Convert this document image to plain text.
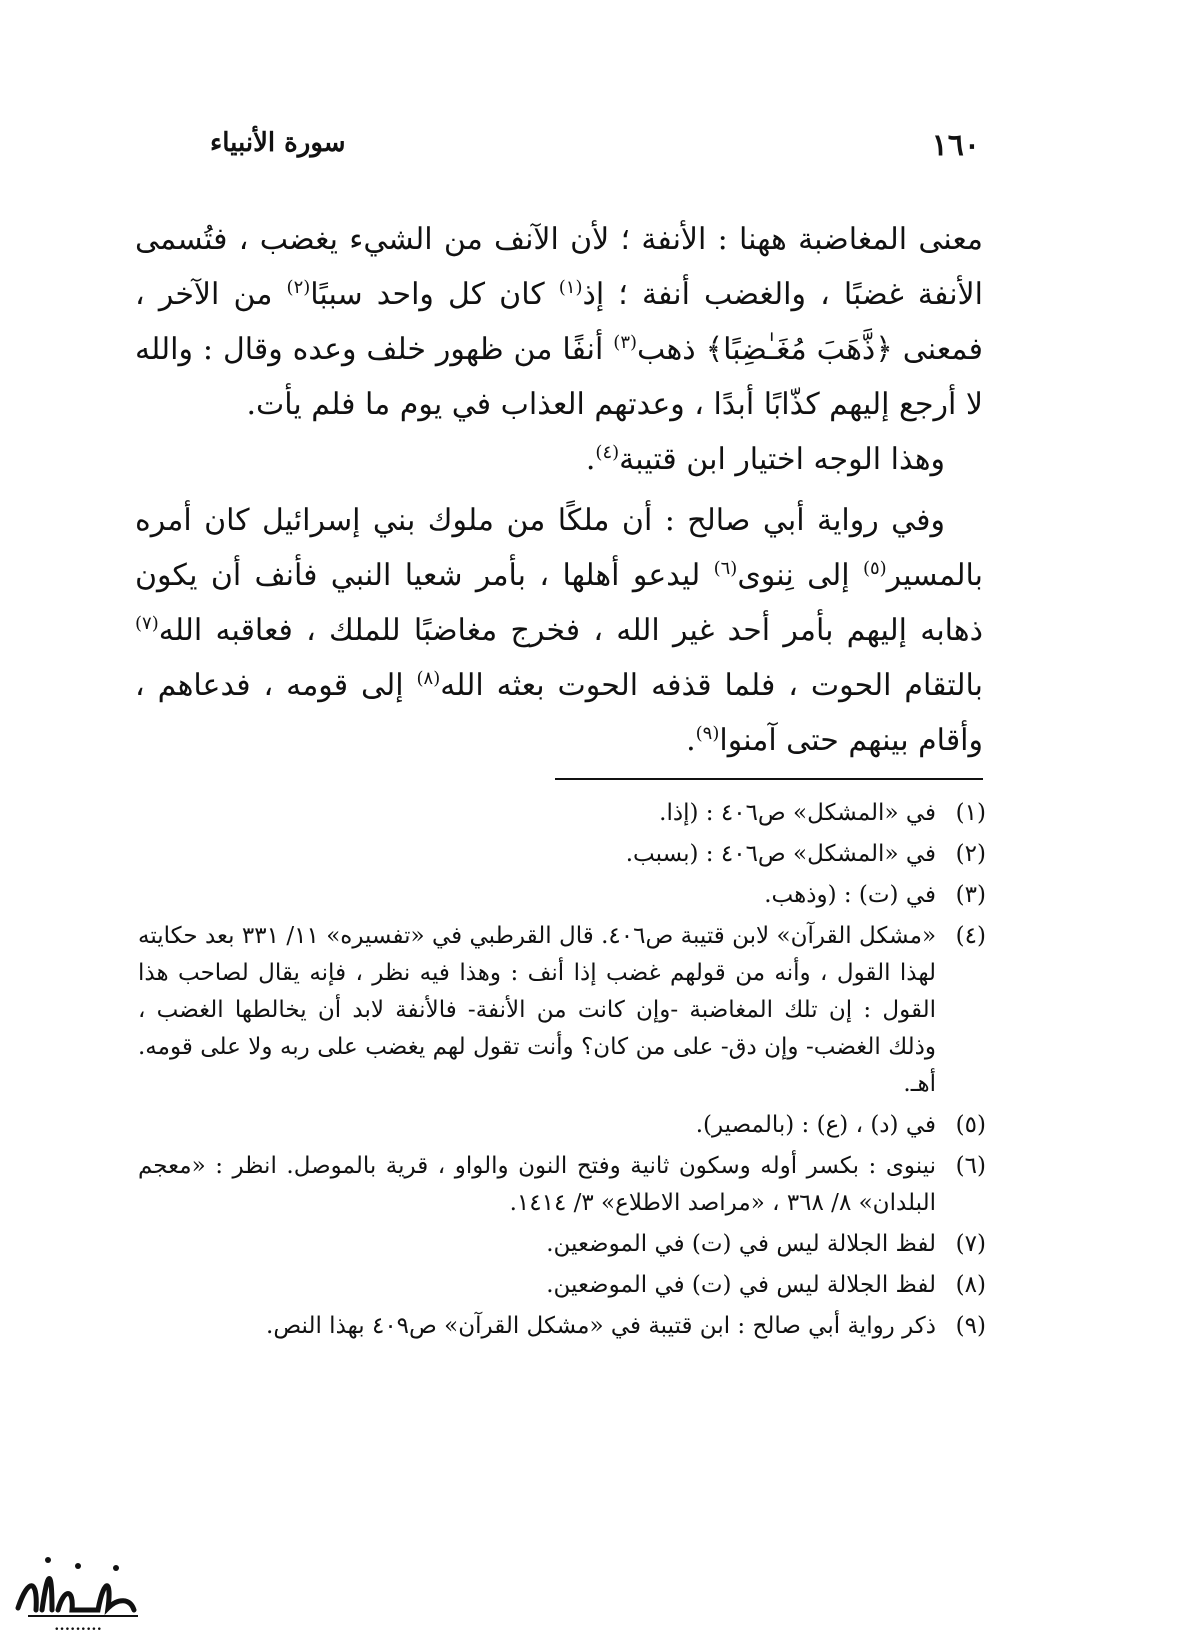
١٦٠
سورة الأنبياء

معنى المغاضبة ههنا : الأنفة ؛ لأن الآنف من الشيء يغضب ، فتُسمى الأنفة غضبًا ، والغضب أنفة ؛ إذ$^{(١)}$ كان كل واحد سببًا$^{(٢)}$ من الآخر ، فمعنى ﴿ذَّهَبَ مُغَـٰضِبًا﴾ ذهب$^{(٣)}$ أنفًا من ظهور خلف وعده وقال : والله لا أرجع إليهم كذّابًا أبدًا ، وعدتهم العذاب في يوم ما فلم يأت.

وهذا الوجه اختيار ابن قتيبة$^{(٤)}$.

وفي رواية أبي صالح : أن ملكًا من ملوك بني إسرائيل كان أمره بالمسير$^{(٥)}$ إلى نِنوى$^{(٦)}$ ليدعو أهلها ، بأمر شعيا النبي فأنف أن يكون ذهابه إليهم بأمر أحد غير الله ، فخرج مغاضبًا للملك ، فعاقبه الله$^{(٧)}$ بالتقام الحوت ، فلما قذفه الحوت بعثه الله$^{(٨)}$ إلى قومه ، فدعاهم ، وأقام بينهم حتى آمنوا$^{(٩)}$.

(١)
في «المشكل» ص٤٠٦ : (إذا.
(٢)
في «المشكل» ص٤٠٦ : (بسبب.
(٣)
في (ت) : (وذهب.
(٤)
«مشكل القرآن» لابن قتيبة ص٤٠٦. قال القرطبي في «تفسيره» ١١/ ٣٣١ بعد حكايته لهذا القول ، وأنه من قولهم غضب إذا أنف : وهذا فيه نظر ، فإنه يقال لصاحب هذا القول : إن تلك المغاضبة -وإن كانت من الأنفة- فالأنفة لابد أن يخالطها الغضب ، وذلك الغضب- وإن دق- على من كان؟ وأنت تقول لهم يغضب على ربه ولا على قومه. أهـ.
(٥)
في (د) ، (ع) : (بالمصير).
(٦)
نينوى : بكسر أوله وسكون ثانية وفتح النون والواو ، قرية بالموصل. انظر : «معجم البلدان» ٨/ ٣٦٨ ، «مراصد الاطلاع» ٣/ ١٤١٤.
(٧)
لفظ الجلالة ليس في (ت) في الموضعين.
(٨)
لفظ الجلالة ليس في (ت) في الموضعين.
(٩)
ذكر رواية أبي صالح : ابن قتيبة في «مشكل القرآن» ص٤٠٩ بهذا النص.
•••••••••
